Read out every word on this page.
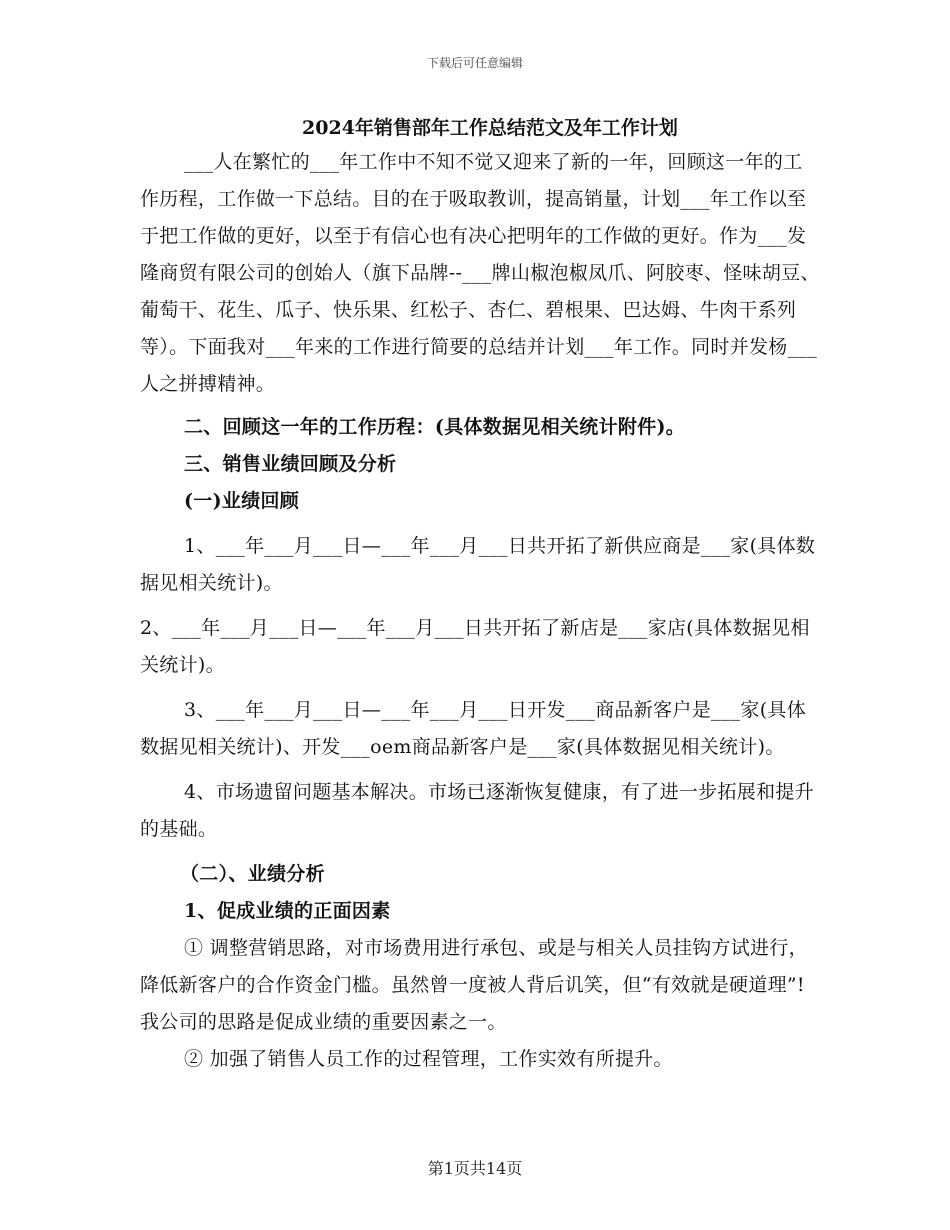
下载后可任意编辑
2024年销售部年工作总结范文及年工作计划

___人在繁忙的___年工作中不知不觉又迎来了新的一年，回顾这一年的工作历程，工作做一下总结。目的在于吸取教训，提高销量，计划___年工作以至于把工作做的更好，以至于有信心也有决心把明年的工作做的更好。作为___发隆商贸有限公司的创始人（旗下品牌--___牌山椒泡椒凤爪、阿胶枣、怪味胡豆、葡萄干、花生、瓜子、快乐果、红松子、杏仁、碧根果、巴达姆、牛肉干系列等）。下面我对___年来的工作进行简要的总结并计划___年工作。同时并发杨___人之拼搏精神。

二、回顾这一年的工作历程：(具体数据见相关统计附件)。

三、销售业绩回顾及分析

(一)业绩回顾

1、___年___月___日—___年___月___日共开拓了新供应商是___家(具体数据见相关统计)。

2、___年___月___日—___年___月___日共开拓了新店是___家店(具体数据见相关统计)。

3、___年___月___日—___年___月___日开发___商品新客户是___家(具体数据见相关统计)、开发___oem商品新客户是___家(具体数据见相关统计)。

4、市场遗留问题基本解决。市场已逐渐恢复健康，有了进一步拓展和提升的基础。

（二）、业绩分析

1、促成业绩的正面因素

① 调整营销思路，对市场费用进行承包、或是与相关人员挂钩方试进行，降低新客户的合作资金门槛。虽然曾一度被人背后讥笑，但“有效就是硬道理”!我公司的思路是促成业绩的重要因素之一。

② 加强了销售人员工作的过程管理，工作实效有所提升。

第1页共14页
